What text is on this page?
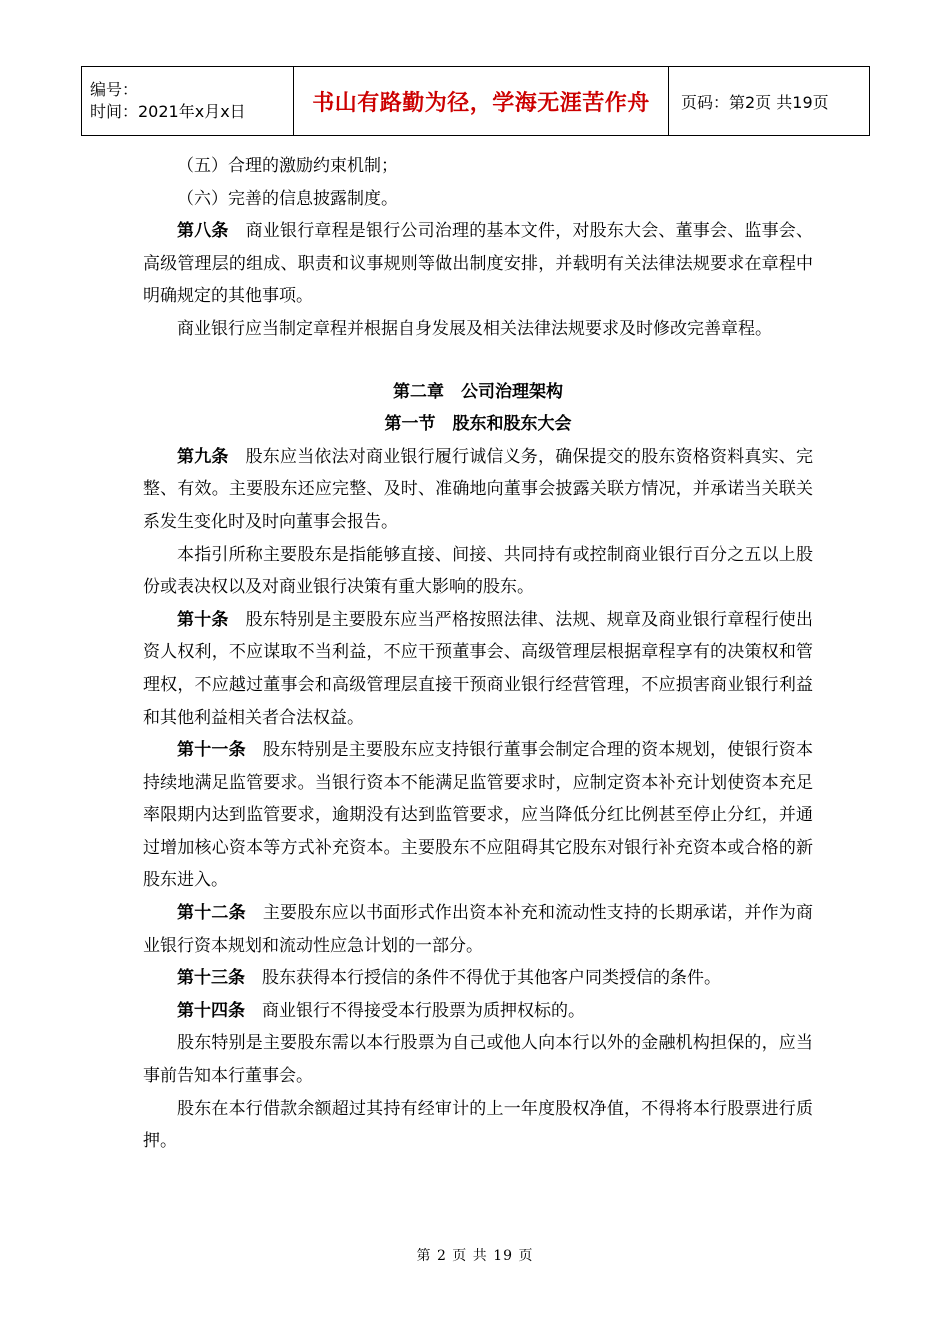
编号：
时间：2021年x月x日	书山有路勤为径，学海无涯苦作舟	页码：第2页 共19页

（五）合理的激励约束机制；

（六）完善的信息披露制度。

第八条 商业银行章程是银行公司治理的基本文件，对股东大会、董事会、监事会、高级管理层的组成、职责和议事规则等做出制度安排，并载明有关法律法规要求在章程中明确规定的其他事项。

商业银行应当制定章程并根据自身发展及相关法律法规要求及时修改完善章程。

第二章　公司治理架构

第一节　股东和股东大会

第九条 股东应当依法对商业银行履行诚信义务，确保提交的股东资格资料真实、完整、有效。主要股东还应完整、及时、准确地向董事会披露关联方情况，并承诺当关联关系发生变化时及时向董事会报告。

本指引所称主要股东是指能够直接、间接、共同持有或控制商业银行百分之五以上股份或表决权以及对商业银行决策有重大影响的股东。

第十条 股东特别是主要股东应当严格按照法律、法规、规章及商业银行章程行使出资人权利，不应谋取不当利益，不应干预董事会、高级管理层根据章程享有的决策权和管理权，不应越过董事会和高级管理层直接干预商业银行经营管理，不应损害商业银行利益和其他利益相关者合法权益。

第十一条 股东特别是主要股东应支持银行董事会制定合理的资本规划，使银行资本持续地满足监管要求。当银行资本不能满足监管要求时，应制定资本补充计划使资本充足率限期内达到监管要求，逾期没有达到监管要求，应当降低分红比例甚至停止分红，并通过增加核心资本等方式补充资本。主要股东不应阻碍其它股东对银行补充资本或合格的新股东进入。

第十二条 主要股东应以书面形式作出资本补充和流动性支持的长期承诺，并作为商业银行资本规划和流动性应急计划的一部分。

第十三条 股东获得本行授信的条件不得优于其他客户同类授信的条件。

第十四条 商业银行不得接受本行股票为质押权标的。

股东特别是主要股东需以本行股票为自己或他人向本行以外的金融机构担保的，应当事前告知本行董事会。

股东在本行借款余额超过其持有经审计的上一年度股权净值，不得将本行股票进行质押。

第 2 页 共 19 页
